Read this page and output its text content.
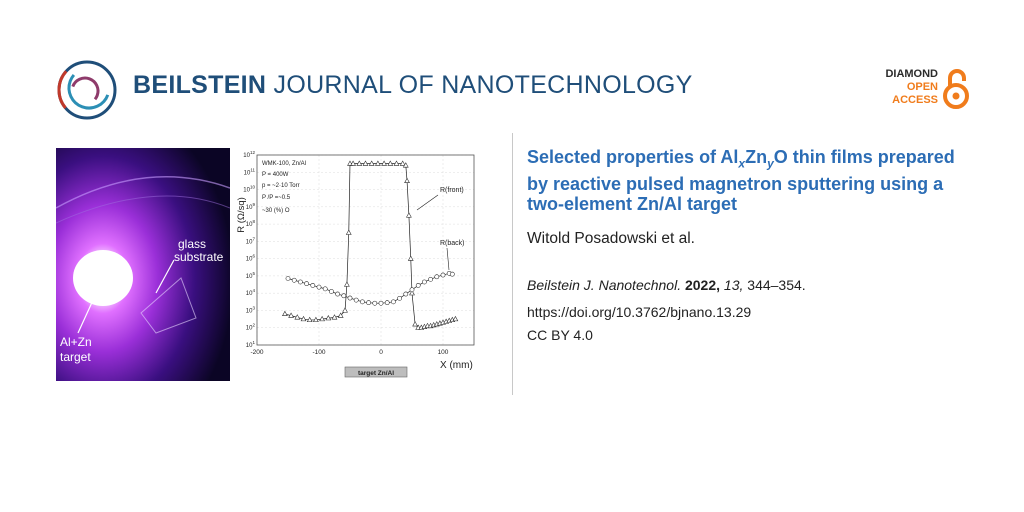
BEILSTEIN JOURNAL OF NANOTECHNOLOGY	DIAMOND
OPEN
ACCESS
glass
substrate
Al+Zn
target
$10^1$
$10^2$
$10^3$
$10^4$
$10^5$
$10^6$
$10^7$
$10^8$
$10^9$
$10^{10}$
$10^{11}$
$10^{12}$
-200	-100	0	100
R (Ω/sq)
X (mm)
WMK-100, Zn/Al
P = 400W
p = ~2·10 Torr
P /P =~0.5
~30 (%) O
R(front)
R(back)
target Zn/Al
Selected properties of $Al_xZn_yO$ thin films prepared by reactive pulsed magnetron sputtering using a two-element Zn/Al target
Witold Posadowski et al.
Beilstein J. Nanotechnol. 2022, 13, 344–354.
https://doi.org/10.3762/bjnano.13.29
CC BY 4.0
